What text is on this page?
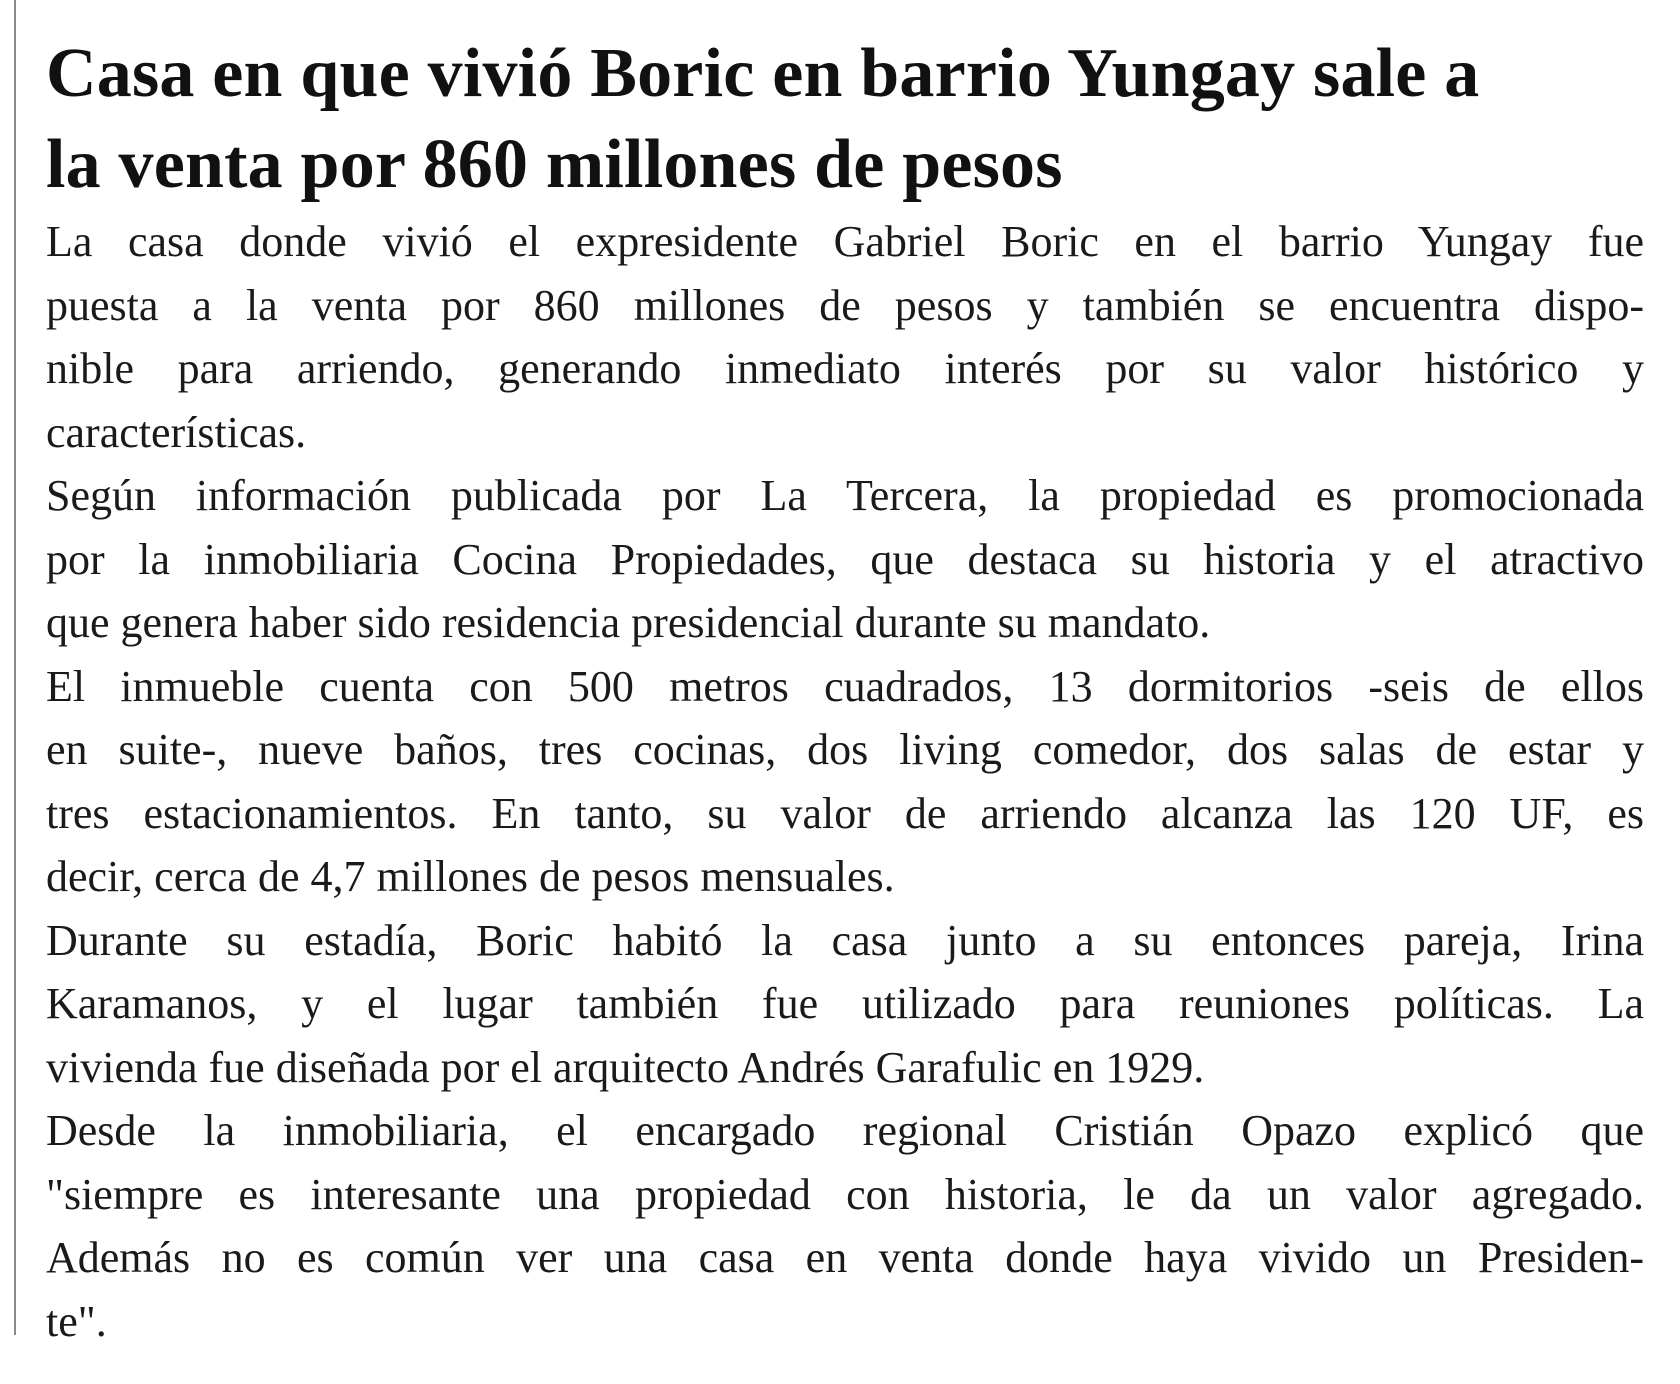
Casa en que vivió Boric en barrio Yungay sale a
la venta por 860 millones de pesos

La casa donde vivió el expresidente Gabriel Boric en el barrio Yungay fue
puesta a la venta por 860 millones de pesos y también se encuentra dispo-
nible para arriendo, generando inmediato interés por su valor histórico y
características.

Según información publicada por La Tercera, la propiedad es promocionada
por la inmobiliaria Cocina Propiedades, que destaca su historia y el atractivo
que genera haber sido residencia presidencial durante su mandato.

El inmueble cuenta con 500 metros cuadrados, 13 dormitorios -seis de ellos
en suite-, nueve baños, tres cocinas, dos living comedor, dos salas de estar y
tres estacionamientos. En tanto, su valor de arriendo alcanza las 120 UF, es
decir, cerca de 4,7 millones de pesos mensuales.

Durante su estadía, Boric habitó la casa junto a su entonces pareja, Irina
Karamanos, y el lugar también fue utilizado para reuniones políticas. La
vivienda fue diseñada por el arquitecto Andrés Garafulic en 1929.

Desde la inmobiliaria, el encargado regional Cristián Opazo explicó que
"siempre es interesante una propiedad con historia, le da un valor agregado.
Además no es común ver una casa en venta donde haya vivido un Presiden-
te".
